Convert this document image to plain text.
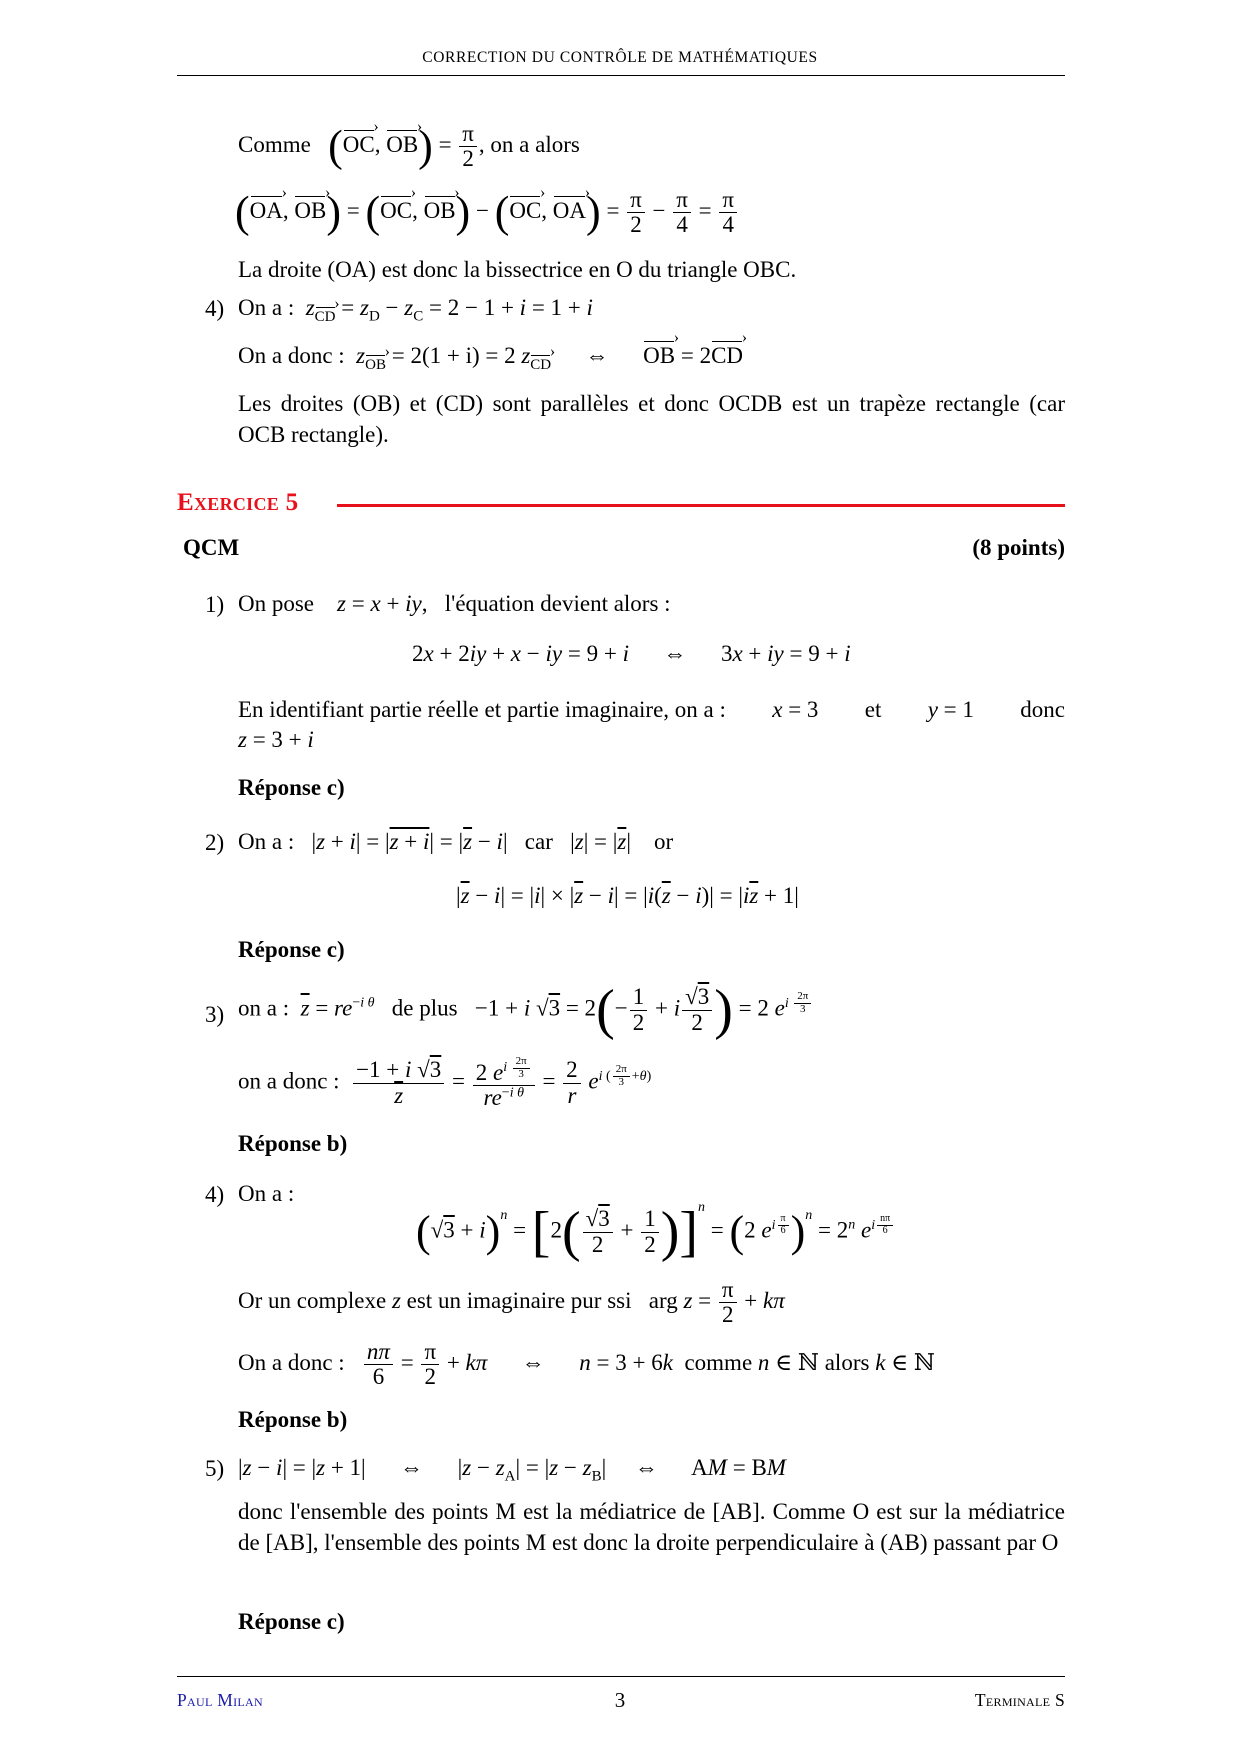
CORRECTION DU CONTRÔLE DE MATHÉMATIQUES
Comme (OC ›, OB ›) = $\frac{\pi}{2}$ , on a alors
(OA ›, OB ›) = (OC ›, OB ›) − (OC ›, OA ›) = $\frac{\pi}{2} - \frac{\pi}{4} = \frac{\pi}{4}$
La droite (OA) est donc la bissectrice en O du triangle OBC.
4) On a : $z_{CD}$ › = $z_D - z_C = 2 - 1 + i = 1 + i$
On a donc : $z_{OB}$ › = 2(1 + i) = 2 $z_{CD}$ › ⇔ OB › = 2CD ›
Les droites (OB) et (CD) sont parallèles et donc OCDB est un trapèze rectangle (car OCB rectangle).
Exercice 5
QCM	(8 points)
1) On pose z = x + iy,   l'équation devient alors :
2x + 2iy + x − iy = 9 + i      ⇔      3x + iy = 9 + i
En identifiant partie réelle et partie imaginaire, on a : x = 3 et y = 1 donc
z = 3 + i
Réponse c)
2) On a :   $|z + i| = |z + i| = |\overline{z} - i|$   car   $|z| = |\overline{z}|$    or
$|\overline{z} - i| = |i| \times |\overline{z} - i| = |i(\overline{z} - i)| = |i\overline{z} + 1|$
Réponse c)
3) on a : $\overline{z} = re^{-i \theta}$ de plus   −1 + i $√3 = 2(- \frac{1}{2} + i \frac{√3}{2}$ ) = 2 $e^{i \frac{2\pi}{3}}$
on a donc : $\frac{-1 + i √3}{z} = 2$ $e^{i \frac{2\pi}{3}}$
$re^{-i \theta} = \frac{2}{r} e^{i ( \frac{2\pi}{3} +\theta)}$
Réponse b)
4) On a :
$(√3 + i)^n = [2( \frac{√3}{2} + \frac{1}{2} )]^n = (2$ $e^{i \frac{\pi}{6}}$ )$^n = 2^n$ $e^{i \frac{n\pi}{6}}$
Or un complexe z est un imaginaire pur ssi   arg $z = \frac{\pi}{2} + k\pi$
On a donc : $\frac{n\pi}{6} = \frac{\pi}{2} + k\pi$      ⇔      n = 3 + 6k comme n ∈ ℕ alors k ∈ ℕ
Réponse b)
5) |z − i| = |z + 1|      ⇔      $|z - z_A| = |z - z_B|$     ⇔      AM = BM
donc l'ensemble des points M est la médiatrice de [AB]. Comme O est sur la médiatrice de [AB], l'ensemble des points M est donc la droite perpendiculaire à (AB) passant par O
Réponse c)
Paul Milan	3	Terminale S
